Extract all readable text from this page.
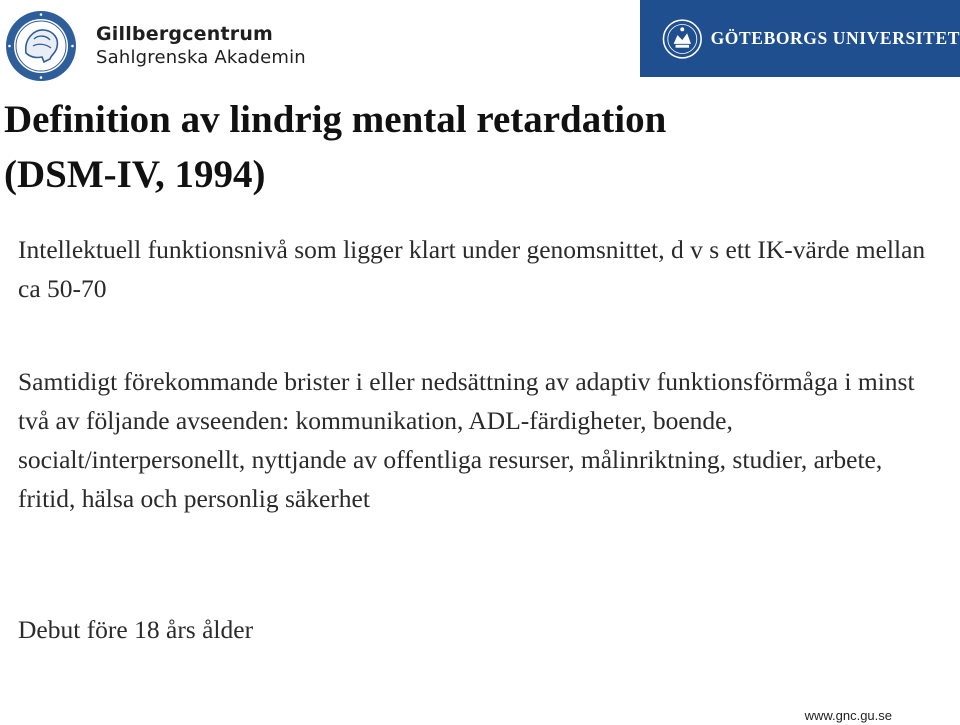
Gillbergcentrum
Sahlgrenska Akademin
GÖTEBORGS UNIVERSITET
Definition av lindrig mental retardation
(DSM-IV, 1994)

Intellektuell funktionsnivå som ligger klart under genomsnittet, d v s ett IK-värde mellan ca 50-70

Samtidigt förekommande brister i eller nedsättning av adaptiv funktionsförmåga i minst två av följande avseenden: kommunikation, ADL-färdigheter, boende, socialt/interpersonellt, nyttjande av offentliga resurser, målinriktning, studier, arbete, fritid, hälsa och personlig säkerhet

Debut före 18 års ålder

www.gnc.gu.se
